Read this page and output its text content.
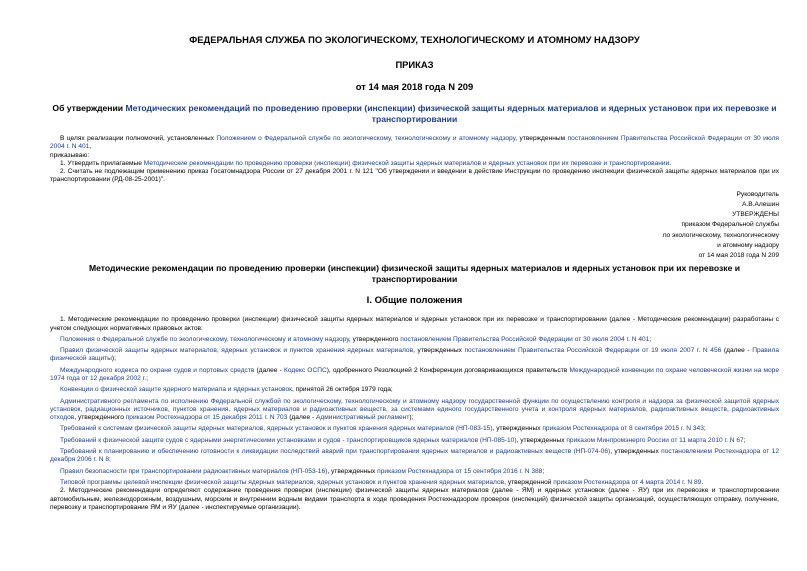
ФЕДЕРАЛЬНАЯ СЛУЖБА ПО ЭКОЛОГИЧЕСКОМУ, ТЕХНОЛОГИЧЕСКОМУ И АТОМНОМУ НАДЗОРУ
ПРИКАЗ
от 14 мая 2018 года N 209
Об утверждении Методических рекомендаций по проведению проверки (инспекции) физической защиты ядерных материалов и ядерных установок при их перевозке и транспортировании

В целях реализации полномочий, установленных Положением о Федеральной службе по экологическому, технологическому и атомному надзору, утвержденным постановлением Правительства Российской Федерации от 30 июля 2004 г. N 401,

приказываю:

1. Утвердить прилагаемые Методические рекомендации по проведению проверки (инспекции) физической защиты ядерных материалов и ядерных установок при их перевозке и транспортировании.

2. Считать не подлежащим применению приказ Госатомнадзора России от 27 декабря 2001 г. N 121 "Об утверждении и введении в действие Инструкции по проведению инспекции физической защиты ядерных материалов при их транспортировании (РД-08-25-2001)".

Руководитель
А.В.Алешин
УТВЕРЖДЕНЫ
приказом Федеральной службы
по экологическому, технологическому
и атомному надзору
от 14 мая 2018 года N 209
Методические рекомендации по проведению проверки (инспекции) физической защиты ядерных материалов и ядерных установок при их перевозке и транспортировании
I. Общие положения

1. Методические рекомендации по проведению проверки (инспекции) физической защиты ядерных материалов и ядерных установок при их перевозке и транспортировании (далее - Методические рекомендации) разработаны с учетом следующих нормативных правовых актов:

Положения о Федеральной службе по экологическому, технологическому и атомному надзору, утвержденного постановлением Правительства Российской Федерации от 30 июля 2004 г. N 401;

Правил физической защиты ядерных материалов, ядерных установок и пунктов хранения ядерных материалов, утвержденных постановлением Правительства Российской Федерации от 19 июля 2007 г. N 456 (далее - Правила физической защиты);

Международного кодекса по охране судов и портовых средств (далее - Кодекс ОСПС), одобренного Резолюцией 2 Конференции договаривающихся правительств Международной конвенции по охране человеческой жизни на море 1974 года от 12 декабря 2002 г.;

Конвенции о физической защите ядерного материала и ядерных установок, принятой 26 октября 1979 года;

Административного регламента по исполнению Федеральной службой по экологическому, технологическому и атомному надзору государственной функции по осуществлению контроля и надзора за физической защитой ядерных установок, радиационных источников, пунктов хранения, ядерных материалов и радиоактивных веществ, за системами единого государственного учета и контроля ядерных материалов, радиоактивных веществ, радиоактивных отходов, утвержденного приказом Ростехнадзора от 15 декабря 2011 г. N 703 (далее - Административный регламент);

Требований к системам физической защиты ядерных материалов, ядерных установок и пунктов хранения ядерных материалов (НП-083-15), утвержденных приказом Ростехнадзора от 8 сентября 2015 г. N 343;

Требований к физической защите судов с ядерными энергетическими установками и судов - транспортировщиков ядерных материалов (НП-085-10), утвержденных приказом Минпромэнерго России от 11 марта 2010 г. N 67;

Требований к планированию и обеспечению готовности к ликвидации последствий аварий при транспортировании ядерных материалов и радиоактивных веществ (НП-074-06), утвержденных постановлением Ростехнадзора от 12 декабря 2006 г. N 8;

Правил безопасности при транспортировании радиоактивных материалов (НП-053-16), утвержденных приказом Ростехнадзора от 15 сентября 2016 г. N 388;

Типовой программы целевой инспекции физической защиты ядерных материалов, ядерных установок и пунктов хранения ядерных материалов, утвержденной приказом Ростехнадзора от 4 марта 2014 г. N 89.

2. Методические рекомендации определяют содержание проведения проверки (инспекции) физической защиты ядерных материалов (далее - ЯМ) и ядерных установок (далее - ЯУ) при их перевозке и транспортировании автомобильным, железнодорожным, воздушным, морским и внутренним водным видами транспорта в ходе проведения Ростехнадзором проверок (инспекций) физической защиты организаций, осуществляющих отправку, получение, перевозку и транспортирование ЯМ и ЯУ (далее - инспектируемые организации).
